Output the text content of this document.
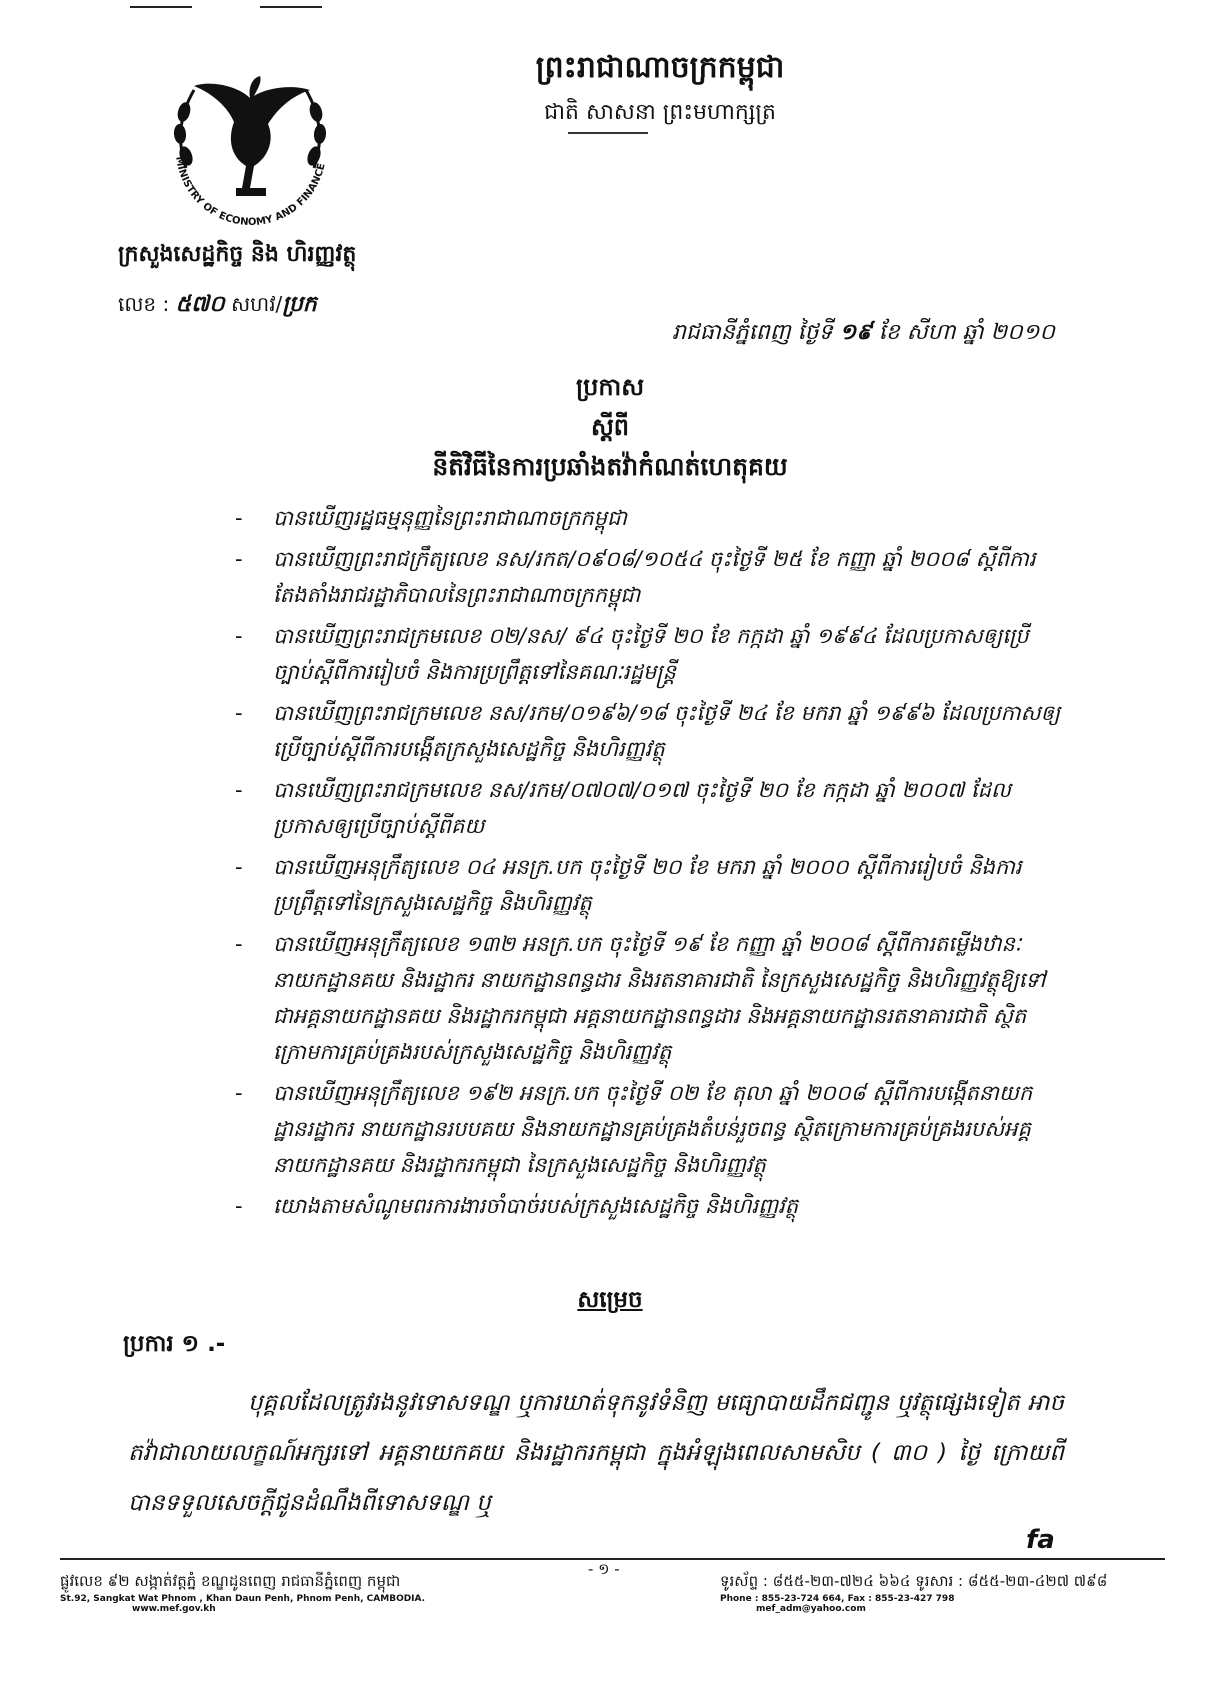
MINISTRY OF ECONOMY AND FINANCE
ព្រះរាជាណាចក្រកម្ពុជា
ជាតិ សាសនា ព្រះមហាក្សត្រ
ក្រសួងសេដ្ឋកិច្ច និង ហិរញ្ញវត្ថុ
លេខ : ៥៧០ សហវ/ប្រក
រាជធានីភ្នំពេញ ថ្ងៃទី ១៩ ខែ សីហា ឆ្នាំ ២០១០
ប្រកាស
ស្តីពី
នីតិវិធីនៃការប្រឆាំងតវ៉ាកំណត់ហេតុគយ
- បានឃើញរដ្ឋធម្មនុញ្ញនៃព្រះរាជាណាចក្រកម្ពុជា
- បានឃើញព្រះរាជក្រឹត្យលេខ នស/រកត/០៩០៨/១០៥៤ ចុះថ្ងៃទី ២៥ ខែ កញ្ញា ឆ្នាំ ២០០៨ ស្តីពីការតែងតាំងរាជរដ្ឋាភិបាលនៃព្រះរាជាណាចក្រកម្ពុជា
- បានឃើញព្រះរាជក្រមលេខ ០២/នស/ ៩៤ ចុះថ្ងៃទី ២០ ខែ កក្កដា ឆ្នាំ ១៩៩៤ ដែលប្រកាសឲ្យប្រើច្បាប់ស្តីពីការរៀបចំ និងការប្រព្រឹត្តទៅនៃគណៈរដ្ឋមន្ត្រី
- បានឃើញព្រះរាជក្រមលេខ នស/រកម/០១៩៦/១៨ ចុះថ្ងៃទី ២៤ ខែ មករា ឆ្នាំ ១៩៩៦ ដែលប្រកាសឲ្យប្រើច្បាប់ស្តីពីការបង្កើតក្រសួងសេដ្ឋកិច្ច និងហិរញ្ញវត្ថុ
- បានឃើញព្រះរាជក្រមលេខ នស/រកម/០៧០៧/០១៧ ចុះថ្ងៃទី ២០ ខែ កក្កដា ឆ្នាំ ២០០៧ ដែលប្រកាសឲ្យប្រើច្បាប់ស្តីពីគយ
- បានឃើញអនុក្រឹត្យលេខ ០៤ អនក្រ.បក ចុះថ្ងៃទី ២០ ខែ មករា ឆ្នាំ ២០០០ ស្តីពីការរៀបចំ និងការប្រព្រឹត្តទៅនៃក្រសួងសេដ្ឋកិច្ច និងហិរញ្ញវត្ថុ
- បានឃើញអនុក្រឹត្យលេខ ១៣២ អនក្រ.បក ចុះថ្ងៃទី ១៩ ខែ កញ្ញា ឆ្នាំ ២០០៨ ស្តីពីការតម្លើងឋានៈនាយកដ្ឋានគយ និងរដ្ឋាករ នាយកដ្ឋានពន្ធដារ និងរតនាគារជាតិ នៃក្រសួងសេដ្ឋកិច្ច និងហិរញ្ញវត្ថុឱ្យទៅជាអគ្គនាយកដ្ឋានគយ និងរដ្ឋាករកម្ពុជា អគ្គនាយកដ្ឋានពន្ធដារ និងអគ្គនាយកដ្ឋានរតនាគារជាតិ ស្ថិតក្រោមការគ្រប់គ្រងរបស់ក្រសួងសេដ្ឋកិច្ច និងហិរញ្ញវត្ថុ
- បានឃើញអនុក្រឹត្យលេខ ១៩២ អនក្រ.បក ចុះថ្ងៃទី ០២ ខែ តុលា ឆ្នាំ ២០០៨ ស្តីពីការបង្កើតនាយកដ្ឋានរដ្ឋាករ នាយកដ្ឋានរបបគយ និងនាយកដ្ឋានគ្រប់គ្រងតំបន់រួចពន្ធ ស្ថិតក្រោមការគ្រប់គ្រងរបស់អគ្គនាយកដ្ឋានគយ និងរដ្ឋាករកម្ពុជា នៃក្រសួងសេដ្ឋកិច្ច និងហិរញ្ញវត្ថុ
- យោងតាមសំណូមពរការងារចាំបាច់របស់ក្រសួងសេដ្ឋកិច្ច និងហិរញ្ញវត្ថុ
សម្រេច
ប្រការ ១ .-

បុគ្គលដែលត្រូវរងនូវទោសទណ្ឌ ឬការឃាត់ទុកនូវទំនិញ មធ្យោបាយដឹកជញ្ជូន ឬវត្ថុផ្សេងទៀត អាចតវ៉ាជាលាយលក្ខណ៍អក្សរទៅ អគ្គនាយកគយ និងរដ្ឋាករកម្ពុជា ក្នុងអំឡុងពេលសាមសិប ( ៣០ ) ថ្ងៃ ក្រោយពីបានទទួលសេចក្តីជូនដំណឹងពីទោសទណ្ឌ ឬ

fa
- ១ -
ផ្លូវលេខ ៩២ សង្កាត់វត្តភ្នំ ខណ្ឌដូនពេញ រាជធានីភ្នំពេញ កម្ពុជា
St.92, Sangkat Wat Phnom , Khan Daun Penh, Phnom Penh, CAMBODIA.
www.mef.gov.kh
ទូរស័ព្ទ : ៨៥៥-២៣-៧២៤ ៦៦៤ ទូរសារ : ៨៥៥-២៣-៤២៧ ៧៩៨
Phone : 855-23-724 664, Fax : 855-23-427 798
mef_adm@yahoo.com
